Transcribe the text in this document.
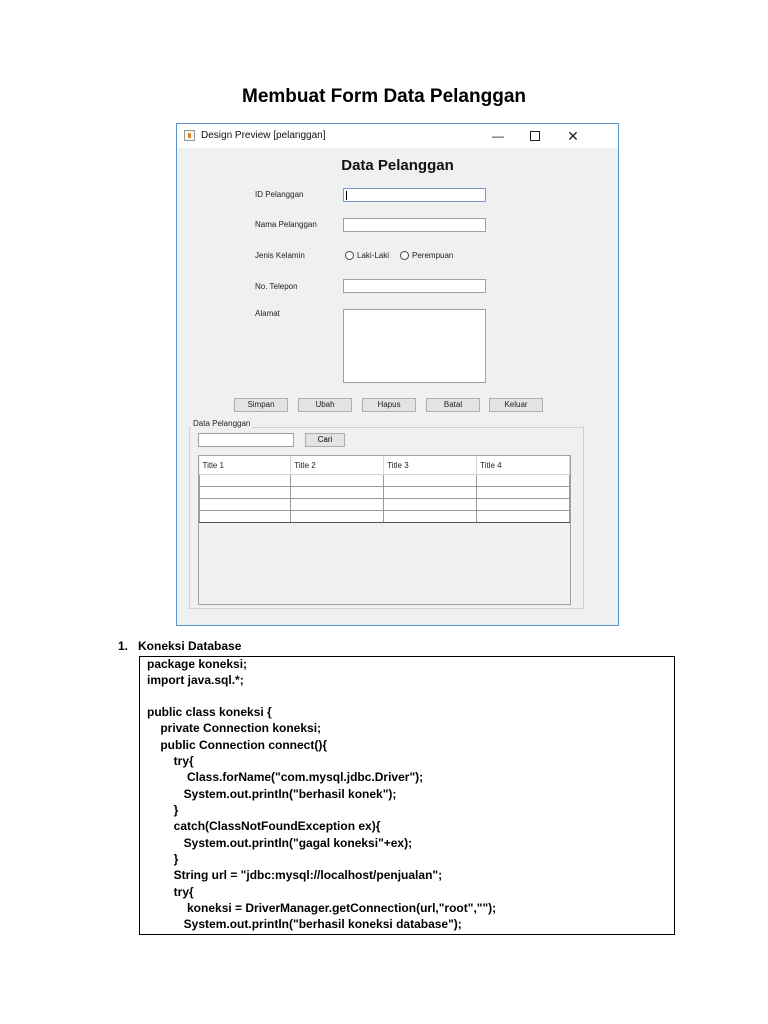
Membuat Form Data Pelanggan
Design Preview [pelanggan]	—	✕
Data Pelanggan
ID Pelanggan
Nama Pelanggan
Jenis Kelamin	Laki-Laki	Perempuan
No. Telepon
Alamat
Simpan	Ubah	Hapus	Batal	Keluar
Data Pelanggan
Cari
Title 1	Title 2	Title 3	Title 4

1. Koneksi Database
package koneksi;
import java.sql.*;
public class koneksi {
private Connection koneksi;
public Connection connect(){
try{
Class.forName("com.mysql.jdbc.Driver");
System.out.println("berhasil konek");
}
catch(ClassNotFoundException ex){
System.out.println("gagal koneksi"+ex);
}
String url = "jdbc:mysql://localhost/penjualan";
try{
koneksi = DriverManager.getConnection(url,"root","");
System.out.println("berhasil koneksi database");
